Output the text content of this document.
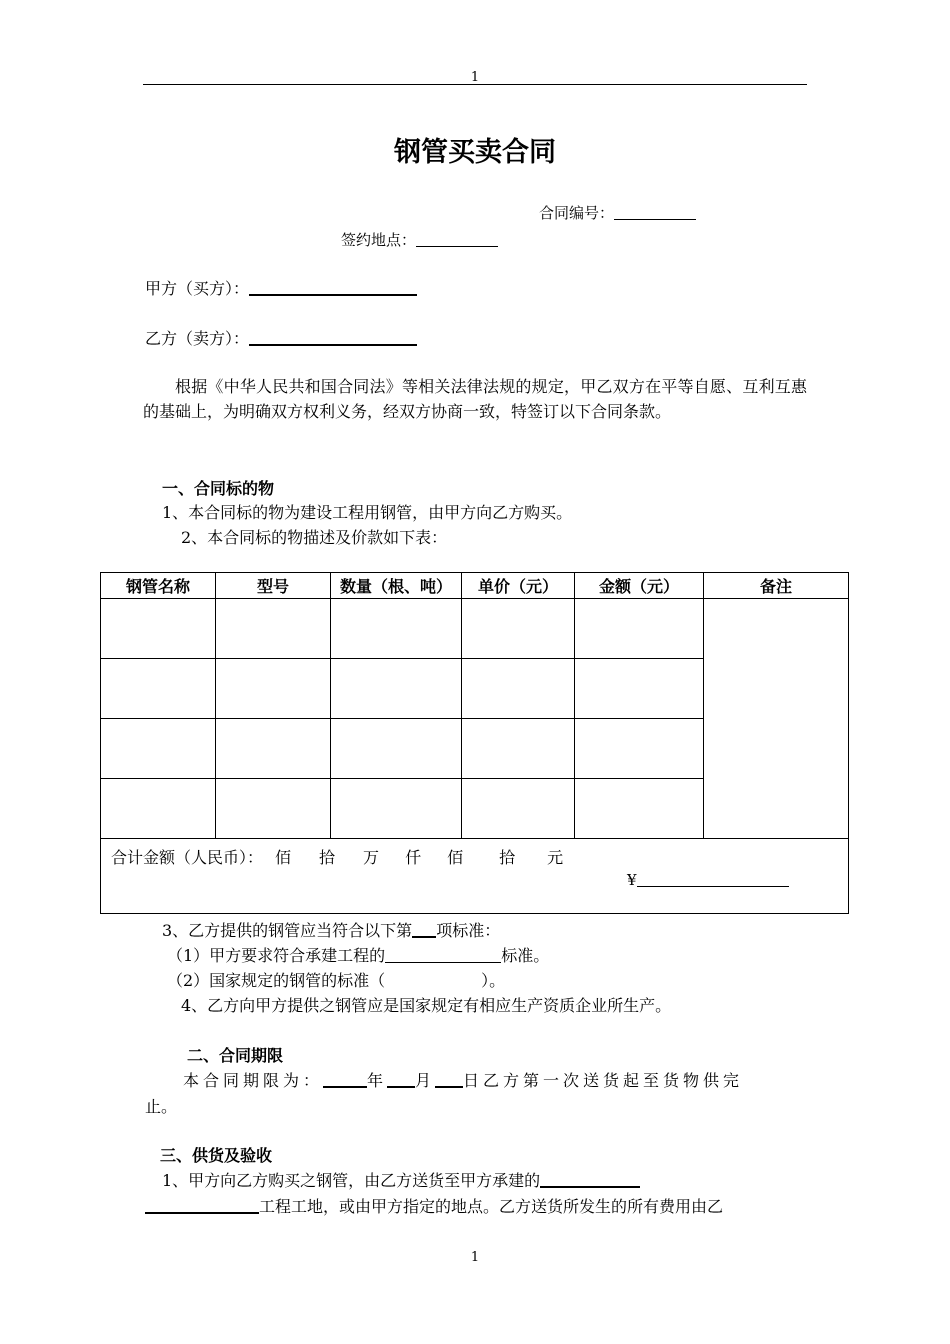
1
钢管买卖合同
合同编号：
签约地点：
甲方（买方）：
乙方（卖方）：
根据《中华人民共和国合同法》等相关法律法规的规定，甲乙双方在平等自愿、互利互惠的基础上，为明确双方权利义务，经双方协商一致，特签订以下合同条款。
一、合同标的物
1、本合同标的物为建设工程用钢管，由甲方向乙方购买。
2、本合同标的物描述及价款如下表：
钢管名称	型号	数量（根、吨）	单价（元）	金额（元）	备注

合计金额（人民币）： 佰 拾 万 仟 佰 拾 元
¥					
3、乙方提供的钢管应当符合以下第 项标准：
（1）甲方要求符合承建工程的	标准。
（2）国家规定的钢管的标准（　　　　　　）。
4、乙方向甲方提供之钢管应是国家规定有相应生产资质企业所生产。
二、合同期限
本合同期限为：	年 月 日乙方第一次送货起至货物供完
止。
三、供货及验收
1、甲方向乙方购买之钢管，由乙方送货至甲方承建的
工程工地，或由甲方指定的地点。乙方送货所发生的所有费用由乙
1
